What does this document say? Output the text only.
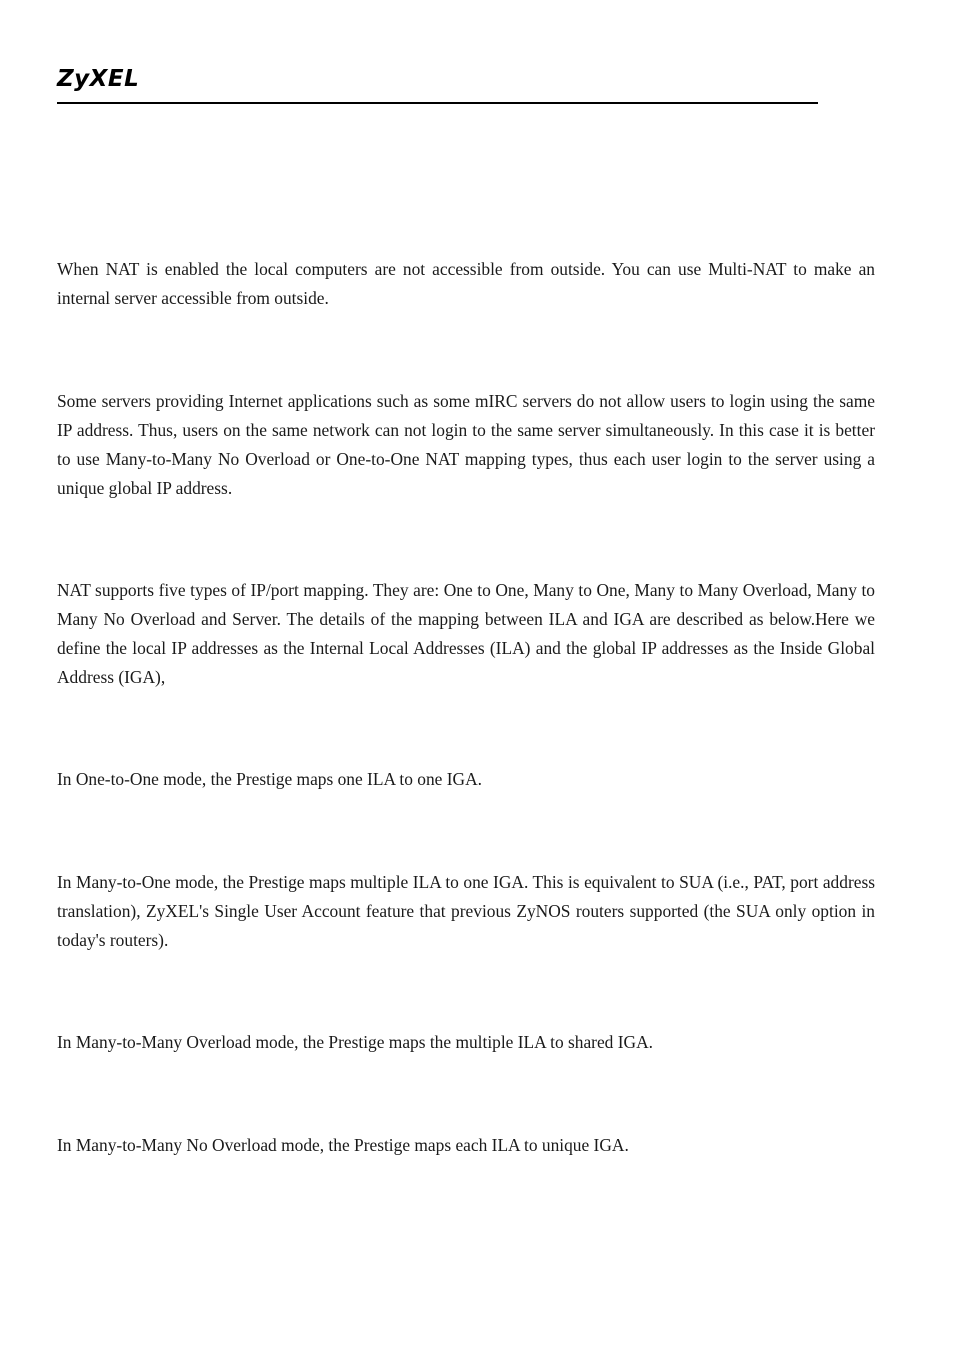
ZyXEL

When NAT is enabled the local computers are not accessible from outside. You can use Multi-NAT to make an internal server accessible from outside.

Some servers providing Internet applications such as some mIRC servers do not allow users to login using the same IP address. Thus, users on the same network can not login to the same server simultaneously. In this case it is better to use Many-to-Many No Overload or One-to-One NAT mapping types, thus each user login to the server using a unique global IP address.

NAT supports five types of IP/port mapping. They are: One to One, Many to One, Many to Many Overload, Many to Many No Overload and Server. The details of the mapping between ILA and IGA are described as below.Here we define the local IP addresses as the Internal Local Addresses (ILA) and the global IP addresses as the Inside Global Address (IGA),

In One-to-One mode, the Prestige maps one ILA to one IGA.

In Many-to-One mode, the Prestige maps multiple ILA to one IGA. This is equivalent to SUA (i.e., PAT, port address translation), ZyXEL's Single User Account feature that previous ZyNOS routers supported (the SUA only option in today's routers).

In Many-to-Many Overload mode, the Prestige maps the multiple ILA to shared IGA.

In Many-to-Many No Overload mode, the Prestige maps each ILA to unique IGA.
